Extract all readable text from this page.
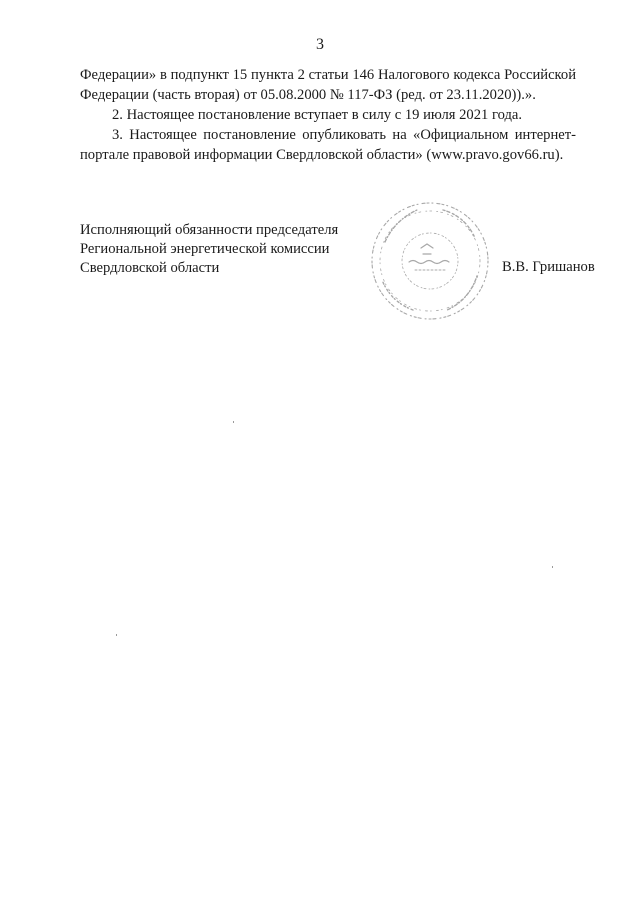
3

Федерации» в подпункт 15 пункта 2 статьи 146 Налогового кодекса Российской Федерации (часть вторая) от 05.08.2000 № 117-ФЗ (ред. от 23.11.2020)).».

2. Настоящее постановление вступает в силу с 19 июля 2021 года.

3. Настоящее постановление опубликовать на «Официальном интернет-портале правовой информации Свердловской области» (www.pravo.gov66.ru).

Исполняющий обязанности председателя
Региональной энергетической комиссии
Свердловской области	В.В. Гришанов
